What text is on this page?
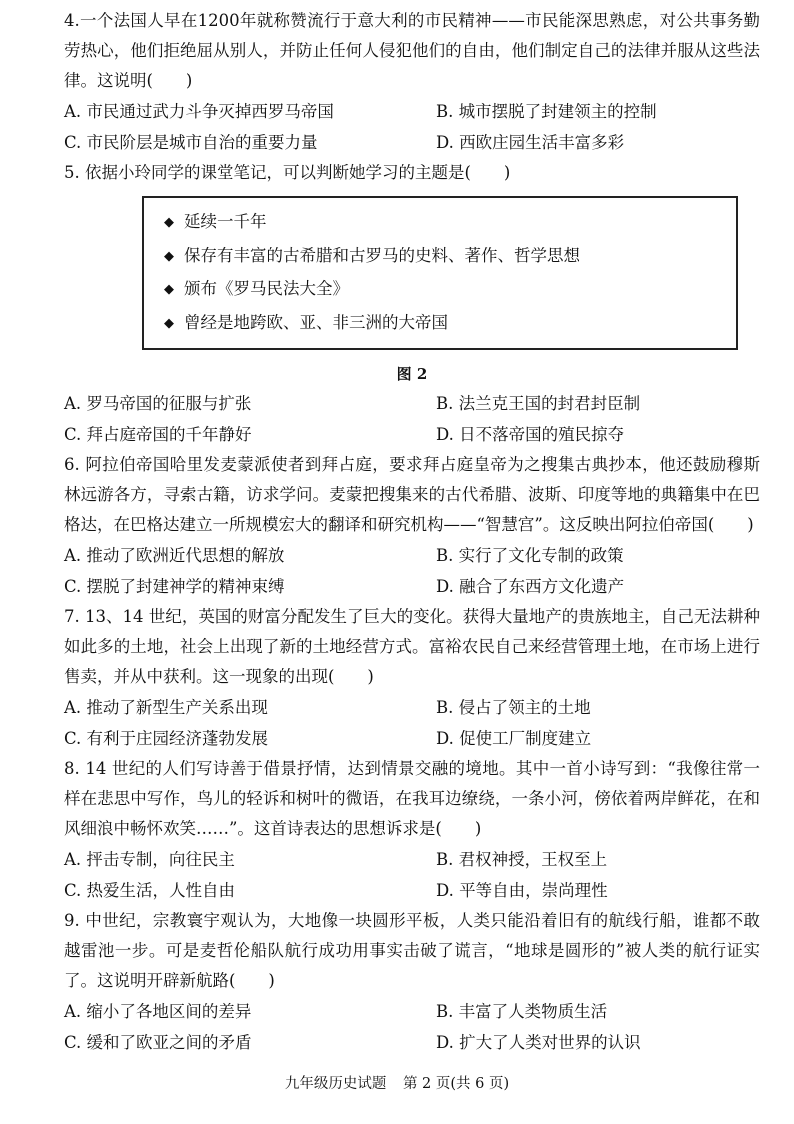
4.一个法国人早在1200年就称赞流行于意大利的市民精神——市民能深思熟虑，对公共事务勤劳热心，他们拒绝屈从别人，并防止任何人侵犯他们的自由，他们制定自己的法律并服从这些法律。这说明(　　)
A. 市民通过武力斗争灭掉西罗马帝国	B. 城市摆脱了封建领主的控制
C. 市民阶层是城市自治的重要力量	D. 西欧庄园生活丰富多彩
5. 依据小玲同学的课堂笔记，可以判断她学习的主题是(　　)
◆ 延续一千年
◆ 保存有丰富的古希腊和古罗马的史料、著作、哲学思想
◆ 颁布《罗马民法大全》
◆ 曾经是地跨欧、亚、非三洲的大帝国
图 2
A. 罗马帝国的征服与扩张	B. 法兰克王国的封君封臣制
C. 拜占庭帝国的千年静好	D. 日不落帝国的殖民掠夺
6. 阿拉伯帝国哈里发麦蒙派使者到拜占庭，要求拜占庭皇帝为之搜集古典抄本，他还鼓励穆斯林远游各方，寻索古籍，访求学问。麦蒙把搜集来的古代希腊、波斯、印度等地的典籍集中在巴格达，在巴格达建立一所规模宏大的翻译和研究机构——“智慧宫”。这反映出阿拉伯帝国(　　)
A. 推动了欧洲近代思想的解放	B. 实行了文化专制的政策
C. 摆脱了封建神学的精神束缚	D. 融合了东西方文化遗产
7. 13、14 世纪，英国的财富分配发生了巨大的变化。获得大量地产的贵族地主，自己无法耕种如此多的土地，社会上出现了新的土地经营方式。富裕农民自己来经营管理土地，在市场上进行售卖，并从中获利。这一现象的出现(　　)
A. 推动了新型生产关系出现	B. 侵占了领主的土地
C. 有利于庄园经济蓬勃发展	D. 促使工厂制度建立
8. 14 世纪的人们写诗善于借景抒情，达到情景交融的境地。其中一首小诗写到：“我像往常一样在悲思中写作，鸟儿的轻诉和树叶的微语，在我耳边缭绕，一条小河，傍依着两岸鲜花，在和风细浪中畅怀欢笑……”。这首诗表达的思想诉求是(　　)
A. 抨击专制，向往民主	B. 君权神授，王权至上
C. 热爱生活，人性自由	D. 平等自由，崇尚理性
9. 中世纪，宗教寰宇观认为，大地像一块圆形平板，人类只能沿着旧有的航线行船，谁都不敢越雷池一步。可是麦哲伦船队航行成功用事实击破了谎言，“地球是圆形的”被人类的航行证实了。这说明开辟新航路(　　)
A. 缩小了各地区间的差异	B. 丰富了人类物质生活
C. 缓和了欧亚之间的矛盾	D. 扩大了人类对世界的认识
九年级历史试题 第 2 页(共 6 页)
